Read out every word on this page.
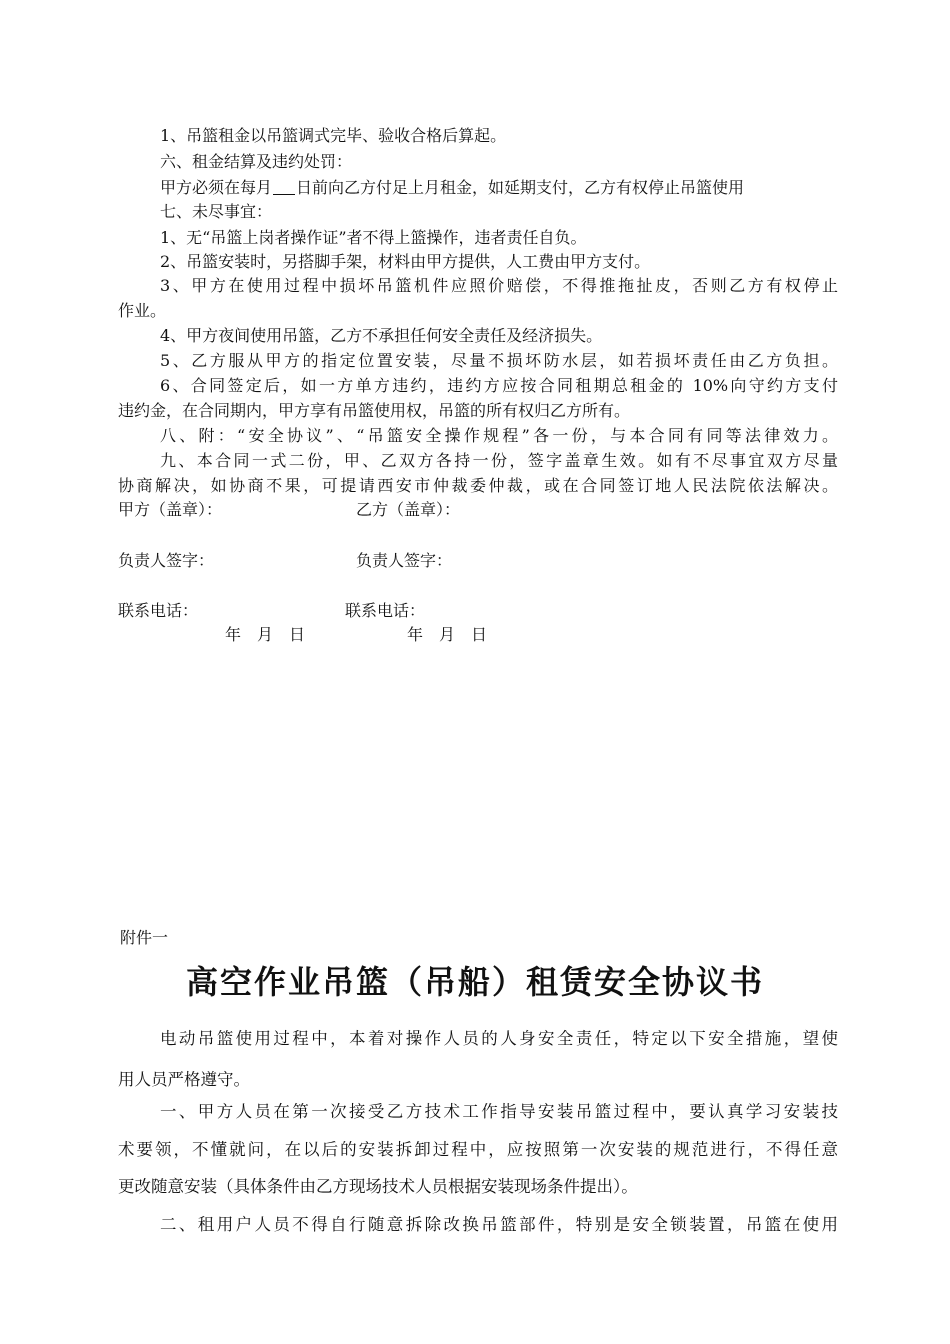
1、吊篮租金以吊篮调式完毕、验收合格后算起。
六、租金结算及违约处罚：
甲方必须在每月 日前向乙方付足上月租金，如延期支付，乙方有权停止吊篮使用
七、未尽事宜：
1、无“吊篮上岗者操作证”者不得上篮操作，违者责任自负。
2、吊篮安装时，另搭脚手架，材料由甲方提供，人工费由甲方支付。
3、甲方在使用过程中损坏吊篮机件应照价赔偿，不得推拖扯皮，否则乙方有权停止
作业。
4、甲方夜间使用吊篮，乙方不承担任何安全责任及经济损失。
5、乙方服从甲方的指定位置安装，尽量不损坏防水层，如若损坏责任由乙方负担。
6、合同签定后，如一方单方违约，违约方应按合同租期总租金的 10%向守约方支付
违约金，在合同期内，甲方享有吊篮使用权，吊篮的所有权归乙方所有。
八、附：“安全协议”、“吊篮安全操作规程”各一份，与本合同有同等法律效力。
九、本合同一式二份，甲、乙双方各持一份，签字盖章生效。如有不尽事宜双方尽量
协商解决，如协商不果，可提请西安市仲裁委仲裁，或在合同签订地人民法院依法解决。
甲方（盖章）：	乙方（盖章）：
负责人签字：	负责人签字：
联系电话：	联系电话：
年　月　日	年　月　日
附件一
高空作业吊篮（吊船）租赁安全协议书
电动吊篮使用过程中，本着对操作人员的人身安全责任，特定以下安全措施，望使
用人员严格遵守。
一、甲方人员在第一次接受乙方技术工作指导安装吊篮过程中，要认真学习安装技
术要领，不懂就问，在以后的安装拆卸过程中，应按照第一次安装的规范进行，不得任意
更改随意安装（具体条件由乙方现场技术人员根据安装现场条件提出）。
二、租用户人员不得自行随意拆除改换吊篮部件，特别是安全锁装置，吊篮在使用
